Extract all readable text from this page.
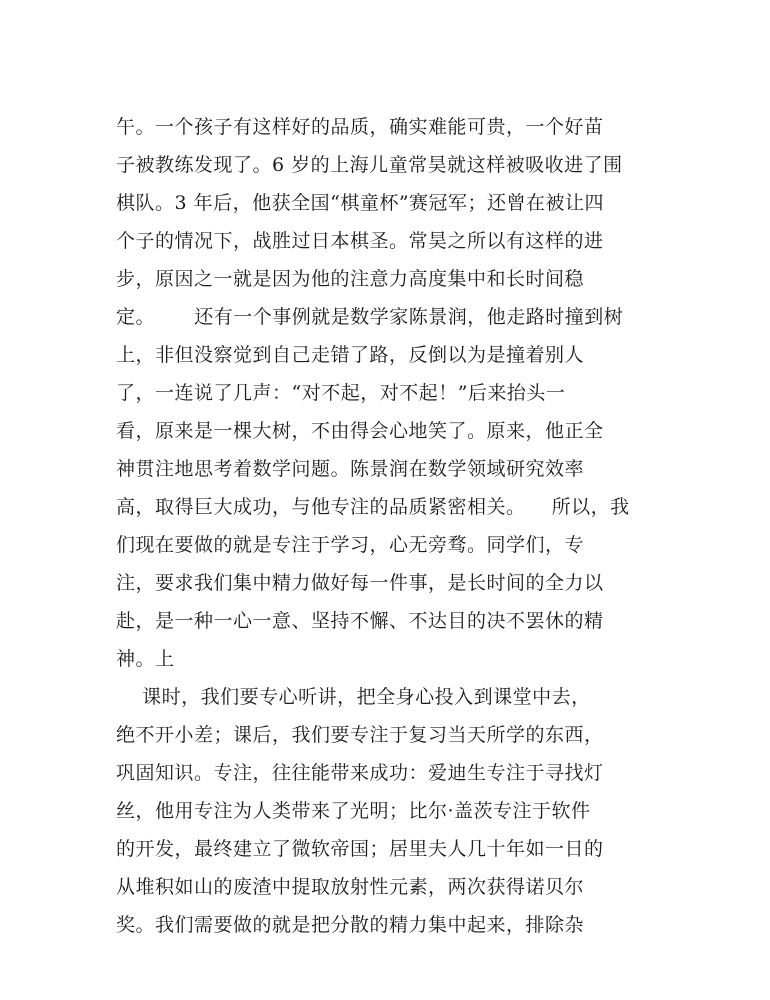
午。一个孩子有这样好的品质，确实难能可贵，一个好苗
子被教练发现了。6 岁的上海儿童常昊就这样被吸收进了围
棋队。3 年后，他获全国“棋童杯”赛冠军；还曾在被让四
个子的情况下，战胜过日本棋圣。常昊之所以有这样的进
步，原因之一就是因为他的注意力高度集中和长时间稳
定。      还有一个事例就是数学家陈景润，他走路时撞到树
上，非但没察觉到自己走错了路，反倒以为是撞着别人
了，一连说了几声：“对不起，对不起！”后来抬头一
看，原来是一棵大树，不由得会心地笑了。原来，他正全
神贯注地思考着数学问题。陈景润在数学领域研究效率
高，取得巨大成功，与他专注的品质紧密相关。    所以，我
们现在要做的就是专注于学习，心无旁骛。同学们，专
注，要求我们集中精力做好每一件事，是长时间的全力以
赴，是一种一心一意、坚持不懈、不达目的决不罢休的精
神。上
课时，我们要专心听讲，把全身心投入到课堂中去，
绝不开小差；课后，我们要专注于复习当天所学的东西，
巩固知识。专注，往往能带来成功：爱迪生专注于寻找灯
丝，他用专注为人类带来了光明；比尔·盖茨专注于软件
的开发，最终建立了微软帝国；居里夫人几十年如一日的
从堆积如山的废渣中提取放射性元素，两次获得诺贝尔
奖。我们需要做的就是把分散的精力集中起来，排除杂
